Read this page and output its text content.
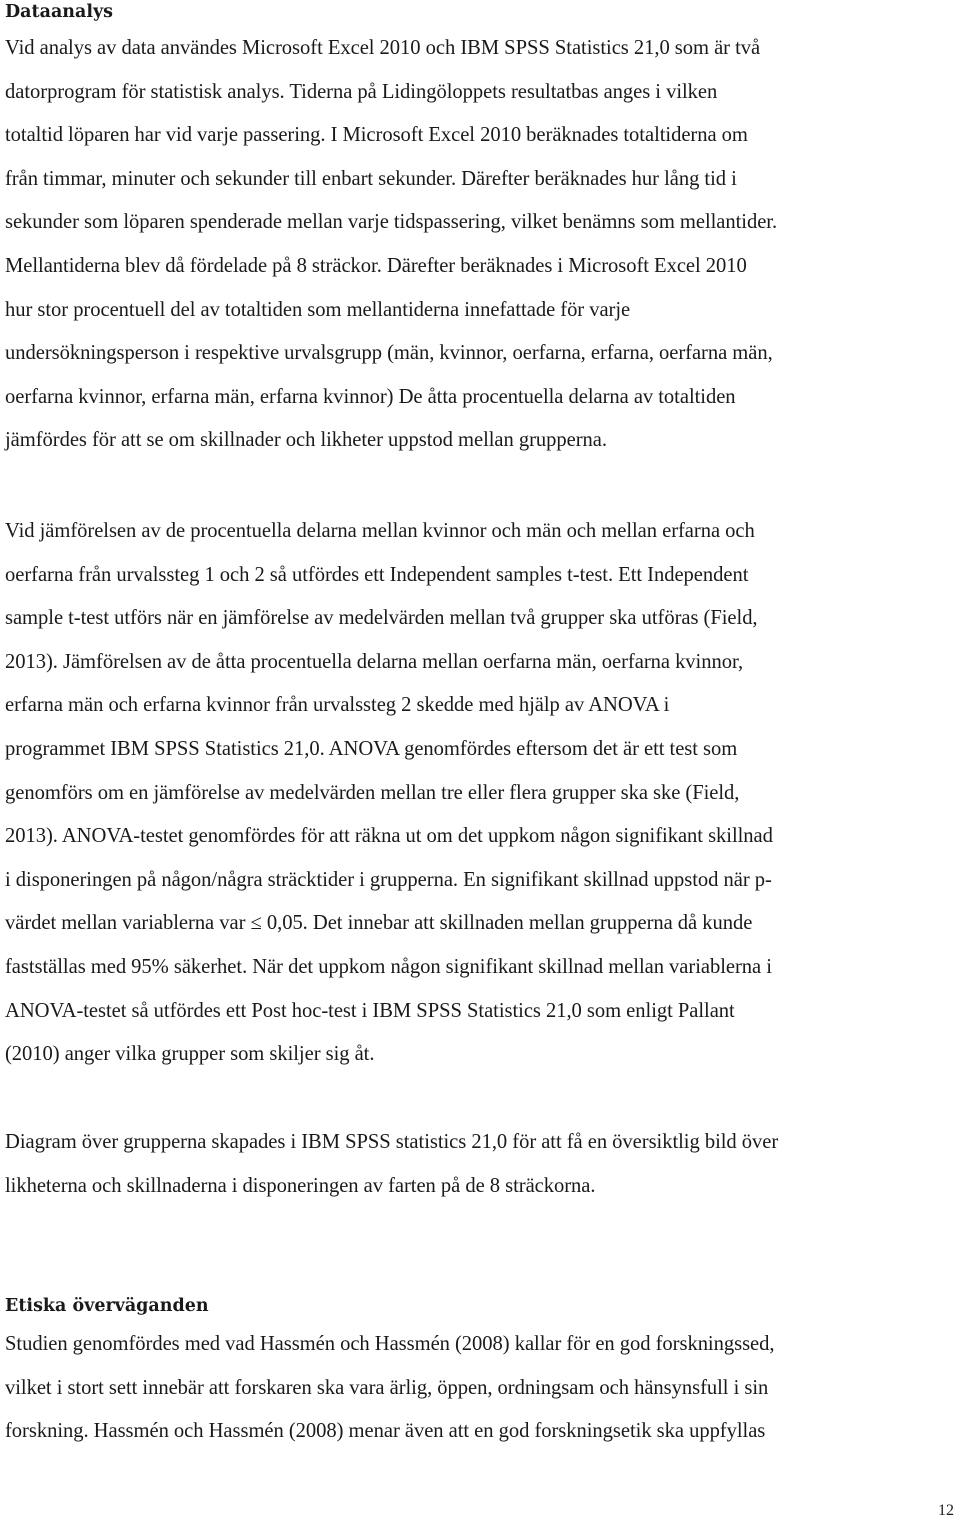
Dataanalys

Vid analys av data användes Microsoft Excel 2010 och IBM SPSS Statistics 21,0 som är två
datorprogram för statistisk analys. Tiderna på Lidingöloppets resultatbas anges i vilken
totaltid löparen har vid varje passering. I Microsoft Excel 2010 beräknades totaltiderna om
från timmar, minuter och sekunder till enbart sekunder. Därefter beräknades hur lång tid i
sekunder som löparen spenderade mellan varje tidspassering, vilket benämns som mellantider.
Mellantiderna blev då fördelade på 8 sträckor. Därefter beräknades i Microsoft Excel 2010
hur stor procentuell del av totaltiden som mellantiderna innefattade för varje
undersökningsperson i respektive urvalsgrupp (män, kvinnor, oerfarna, erfarna, oerfarna män,
oerfarna kvinnor, erfarna män, erfarna kvinnor) De åtta procentuella delarna av totaltiden
jämfördes för att se om skillnader och likheter uppstod mellan grupperna.

Vid jämförelsen av de procentuella delarna mellan kvinnor och män och mellan erfarna och
oerfarna från urvalssteg 1 och 2 så utfördes ett Independent samples t-test. Ett Independent
sample t-test utförs när en jämförelse av medelvärden mellan två grupper ska utföras (Field,
2013). Jämförelsen av de åtta procentuella delarna mellan oerfarna män, oerfarna kvinnor,
erfarna män och erfarna kvinnor från urvalssteg 2 skedde med hjälp av ANOVA i
programmet IBM SPSS Statistics 21,0. ANOVA genomfördes eftersom det är ett test som
genomförs om en jämförelse av medelvärden mellan tre eller flera grupper ska ske (Field,
2013). ANOVA-testet genomfördes för att räkna ut om det uppkom någon signifikant skillnad
i disponeringen på någon/några sträcktider i grupperna. En signifikant skillnad uppstod när p-
värdet mellan variablerna var ≤ 0,05. Det innebar att skillnaden mellan grupperna då kunde
fastställas med 95% säkerhet. När det uppkom någon signifikant skillnad mellan variablerna i
ANOVA-testet så utfördes ett Post hoc-test i IBM SPSS Statistics 21,0 som enligt Pallant
(2010) anger vilka grupper som skiljer sig åt.

Diagram över grupperna skapades i IBM SPSS statistics 21,0 för att få en översiktlig bild över
likheterna och skillnaderna i disponeringen av farten på de 8 sträckorna.

Etiska överväganden

Studien genomfördes med vad Hassmén och Hassmén (2008) kallar för en god forskningssed,
vilket i stort sett innebär att forskaren ska vara ärlig, öppen, ordningsam och hänsynsfull i sin
forskning. Hassmén och Hassmén (2008) menar även att en god forskningsetik ska uppfyllas

12
